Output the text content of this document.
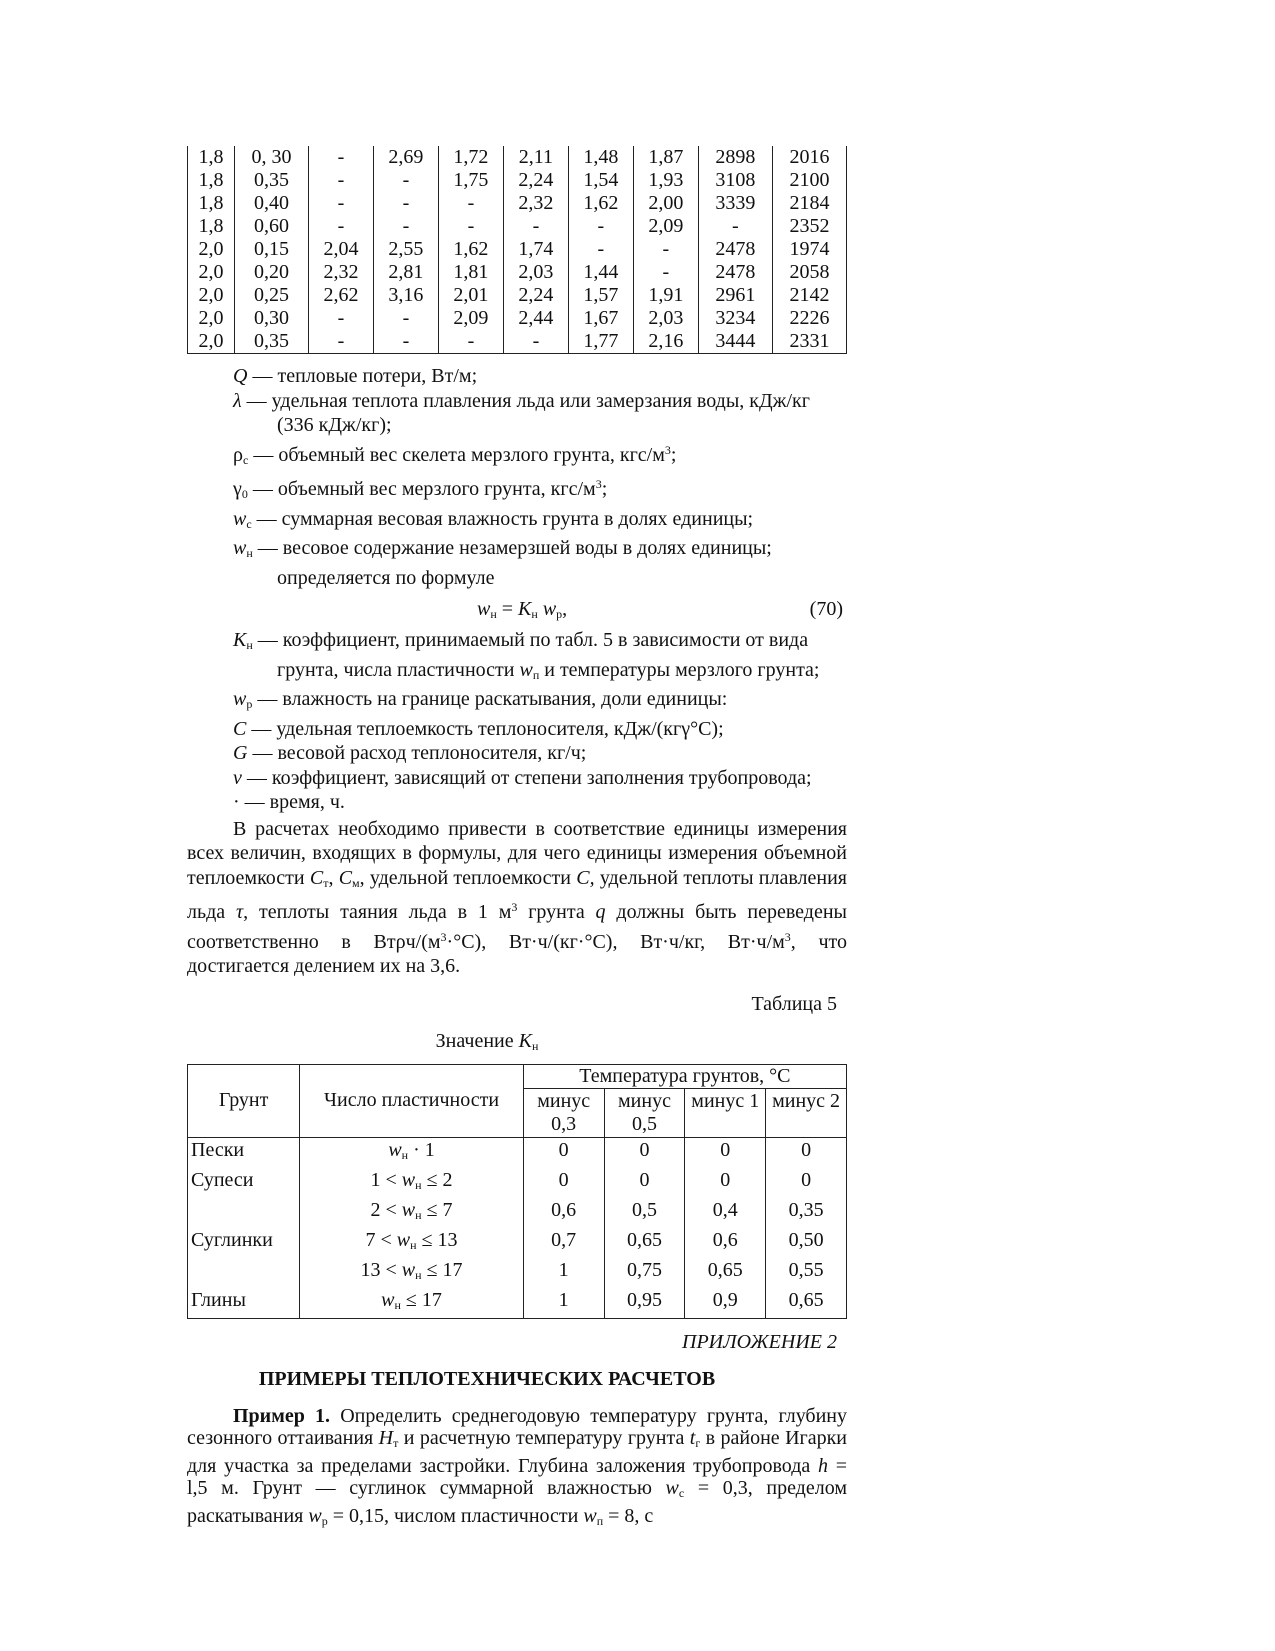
1,8	0, 30	-	2,69	1,72	2,11	1,48	1,87	2898	2016
1,8	0,35	-	-	1,75	2,24	1,54	1,93	3108	2100
1,8	0,40	-	-	-	2,32	1,62	2,00	3339	2184
1,8	0,60	-	-	-	-	-	2,09	-	2352
2,0	0,15	2,04	2,55	1,62	1,74	-	-	2478	1974
2,0	0,20	2,32	2,81	1,81	2,03	1,44	-	2478	2058
2,0	0,25	2,62	3,16	2,01	2,24	1,57	1,91	2961	2142
2,0	0,30	-	-	2,09	2,44	1,67	2,03	3234	2226
2,0	0,35	-	-	-	-	1,77	2,16	3444	2331
Q — тепловые потери, Вт/м;
λ — удельная теплота плавления льда или замерзания воды, кДж/кг
(336 кДж/кг);
$\rho_с$ — объемный вес скелета мерзлого грунта, кгс/$м^3$;
$\gamma_0$ — объемный вес мерзлого грунта, кгс/$м^3$;
$w_c$ — суммарная весовая влажность грунта в долях единицы;
$w_н$ — весовое содержание незамерзшей воды в долях единицы;
определяется по формуле
$w_н = K_н$ $w_p$,	(70)
$K_н$ — коэффициент, принимаемый по табл. 5 в зависимости от вида
грунта, числа пластичности $w_п$ и температуры мерзлого грунта;
$w_p$ — влажность на границе раскатывания, доли единицы:
C — удельная теплоемкость теплоносителя, кДж/(кгγ°С);
G — весовой расход теплоносителя, кг/ч;
v — коэффициент, зависящий от степени заполнения трубопровода;
· — время, ч.
В расчетах необходимо привести в соответствие единицы измерения всех величин, входящих в формулы, для чего единицы измерения объемной теплоемкости $C_т$, $C_м$, удельной теплоемкости C, удельной теплоты плавления льда τ, теплоты таяния льда в 1 $м^3$ грунта q должны быть переведены соответственно в Втρч/$(м^3\cdot^\circ С)$, Вт·ч/(кг·°С), Вт·ч/кг, $Вт\cdot ч/м^3$, что достигается делением их на 3,6.
Таблица 5
Значение $K_н$
Грунт	Число пластичности	Температура грунтов, °С			
		минус 0,3	минус 0,5	минус 1	минус 2
Пески	$w_н \cdot 1$	0	0	0	0
Супеси	$1 < w_н \le 2$	0	0	0	0
	$2 < w_н \le 7$	0,6	0,5	0,4	0,35
Суглинки	$7 < w_н \le 13$	0,7	0,65	0,6	0,50
	$13 < w_н \le 17$	1	0,75	0,65	0,55
Глины	$w_н \le 17$	1	0,95	0,9	0,65
ПРИЛОЖЕНИЕ 2
ПРИМЕРЫ ТЕПЛОТЕХНИЧЕСКИХ РАСЧЕТОВ
Пример 1. Определить среднегодовую температуру грунта, глубину сезонного оттаивания $H_т$ и расчетную температуру грунта $t_г$ в районе Игарки для участка за пределами застройки. Глубина заложения трубопровода h = l,5 м. Грунт — суглинок суммарной влажностью $w_c = 0,3$, пределом раскатывания $w_p = 0,15$, числом пластичности $w_п = 8$, с
